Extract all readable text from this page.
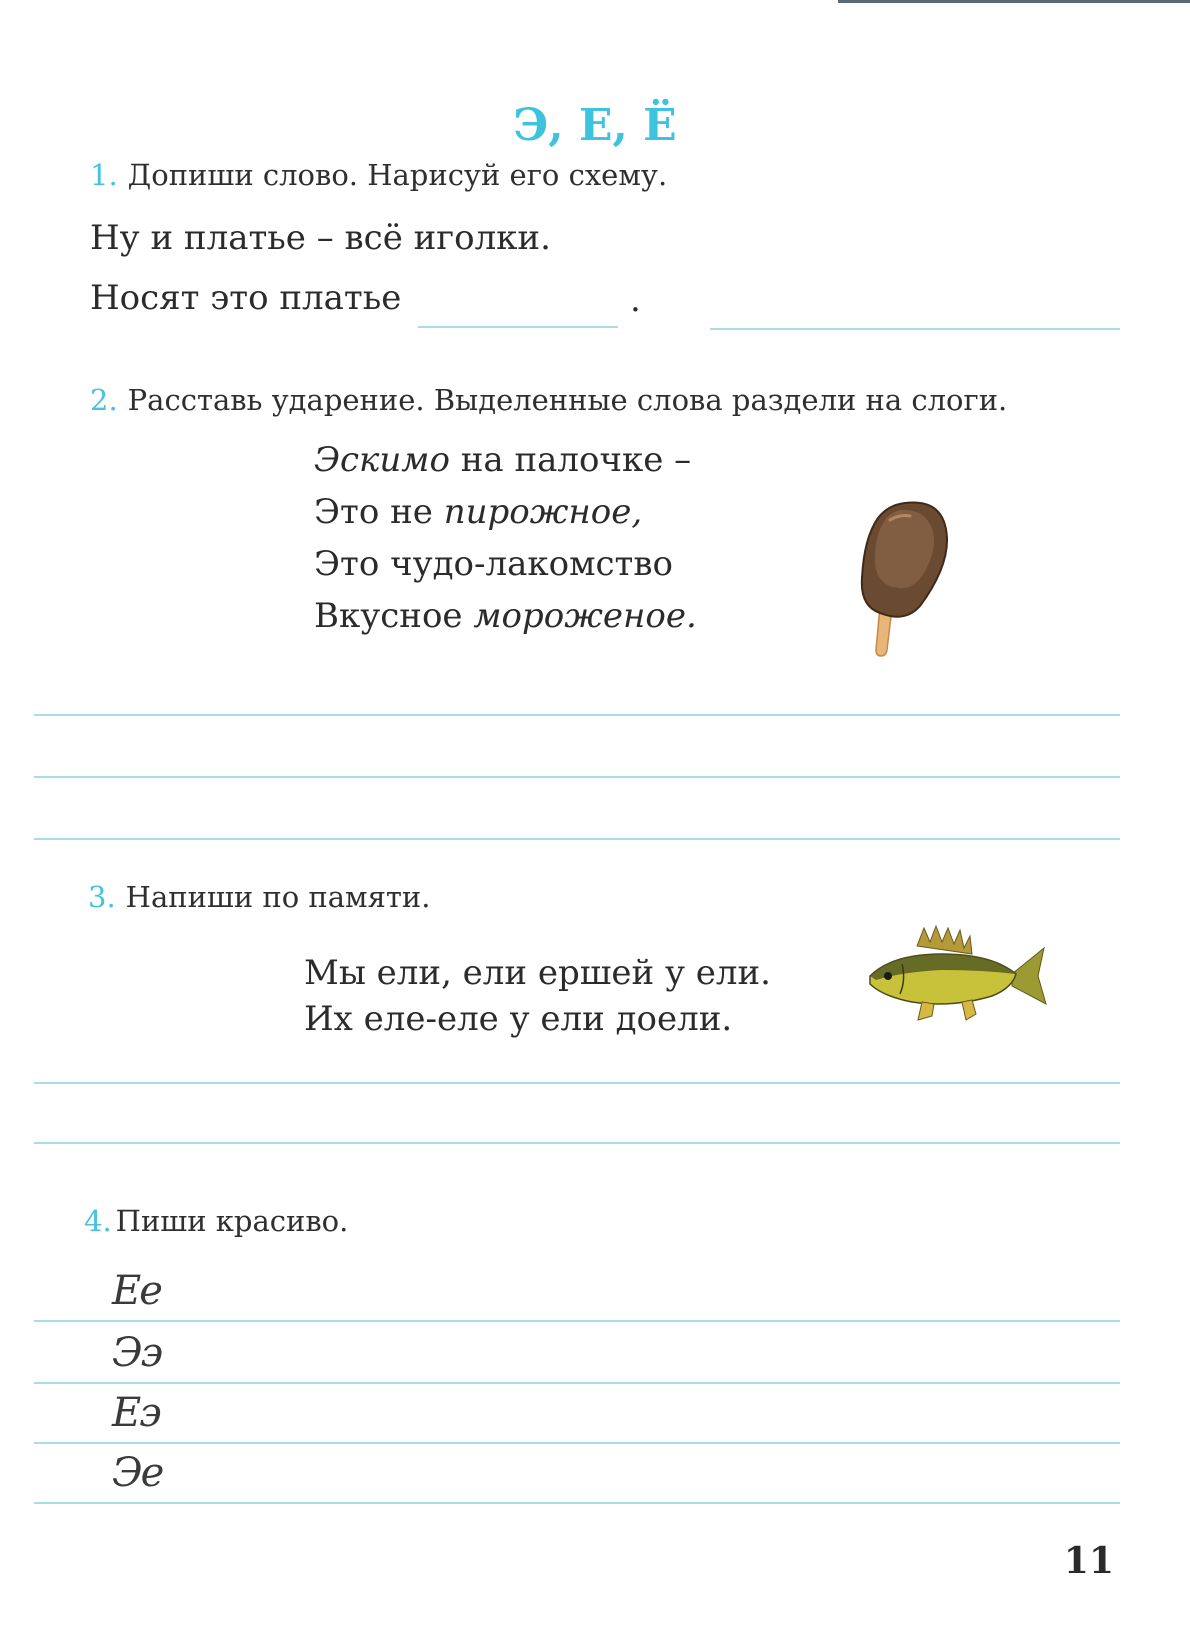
Э, Е, Ё
1. Допиши слово. Нарисуй его схему.
Ну и платье – всё иголки.
Носят это платье	.
2. Расставь ударение. Выделенные слова раздели на слоги.
Эскимо на палочке –
Это не пирожное,
Это чудо-лакомство
Вкусное мороженое.
3. Напиши по памяти.
Мы ели, ели ершей у ели.
Их еле-еле у ели доели.
4. Пиши красиво.
Ее
Ээ
Еэ
Эе
11
